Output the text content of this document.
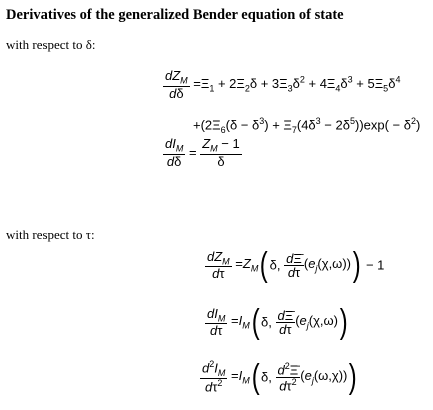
Derivatives of the generalized Bender equation of state
with respect to δ:
$\frac{dZ_M}{d\delta} =\Xi_1 + 2\Xi_2\delta + 3\Xi_3\delta^2 + 4\Xi_4\delta^3 + 5\Xi_5\delta^4$
$+(2\Xi_6(\delta - \delta^3) + \Xi_7(4\delta^3 - 2\delta^5))\exp( - \delta^2)$
$\frac{dI_M}{d\delta} = \frac{Z_M - 1}{\delta}$
with respect to τ:
$\frac{dZ_M}{d\tau} =Z_M$( δ, $\frac{d\Xī}{d\tau} (e_j(\chi,\omega))) - 1$
$\frac{dI_M}{d\tau} =I_M$( δ, $\frac{d\Xī}{d\tau} (e_j(\chi,\omega))$
$\frac{d^2I_M}{d\tau^2} =I_M$( δ, $\frac{d^2\Xī}{d\tau^2} (e_j(\omega,\chi))$)
